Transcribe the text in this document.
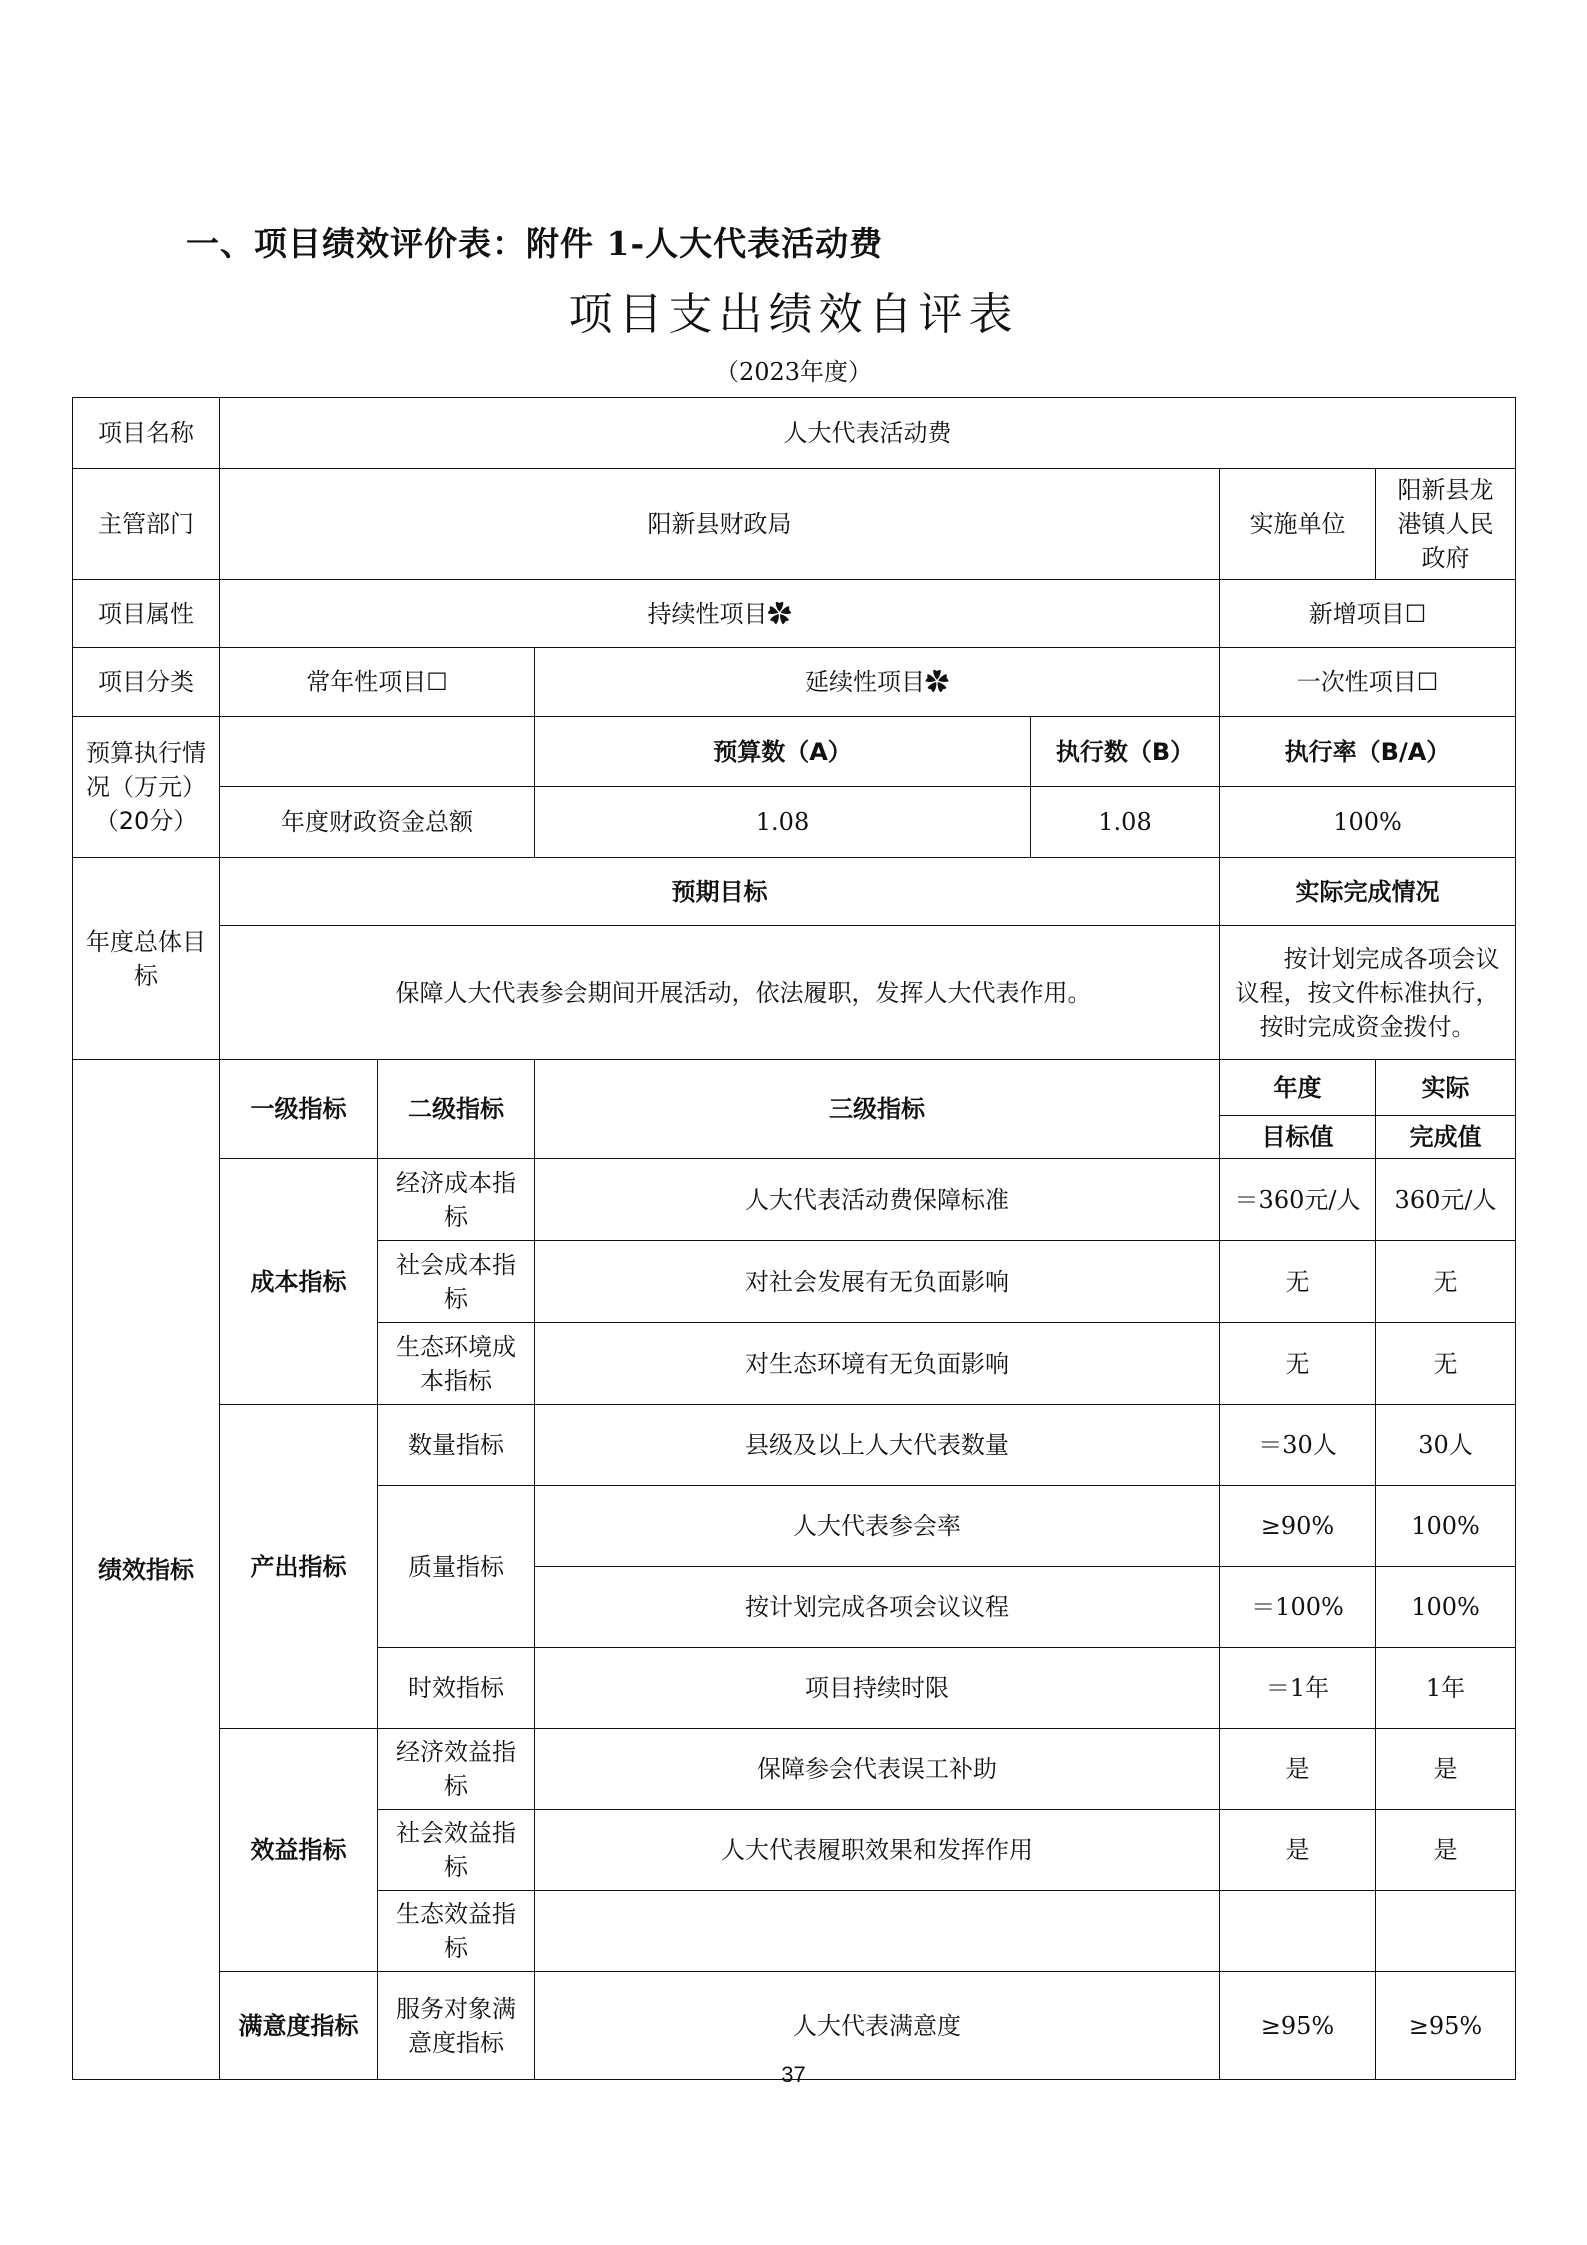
一、项目绩效评价表：附件 1-人大代表活动费
项目支出绩效自评表
（2023年度）
项目名称	人大代表活动费					
主管部门	阳新县财政局				实施单位	阳新县龙港镇人民政府
项目属性	持续性项目✿				新增项目☐	
项目分类	常年性项目☐		延续性项目✿		一次性项目☐	
预算执行情况（万元）（20分）			预算数（A）	执行数（B）	执行率（B/A）	
	年度财政资金总额		1.08	1.08	100%	
年度总体目标	预期目标				实际完成情况	
	保障人大代表参会期间开展活动，依法履职，发挥人大代表作用。				按计划完成各项会议议程，按文件标准执行，按时完成资金拨付。	
绩效指标	一级指标	二级指标	三级指标		年度	实际
					目标值	完成值
	成本指标	经济成本指标	人大代表活动费保障标准		＝360元/人	360元/人
		社会成本指标	对社会发展有无负面影响		无	无
		生态环境成本指标	对生态环境有无负面影响		无	无
	产出指标	数量指标	县级及以上人大代表数量		＝30人	30人
		质量指标	人大代表参会率		≥90%	100%
			按计划完成各项会议议程		＝100%	100%
		时效指标	项目持续时限		＝1年	1年
	效益指标	经济效益指标	保障参会代表误工补助		是	是
		社会效益指标	人大代表履职效果和发挥作用		是	是
		生态效益指标				
	满意度指标	服务对象满意度指标	人大代表满意度		≥95%	≥95%
37
